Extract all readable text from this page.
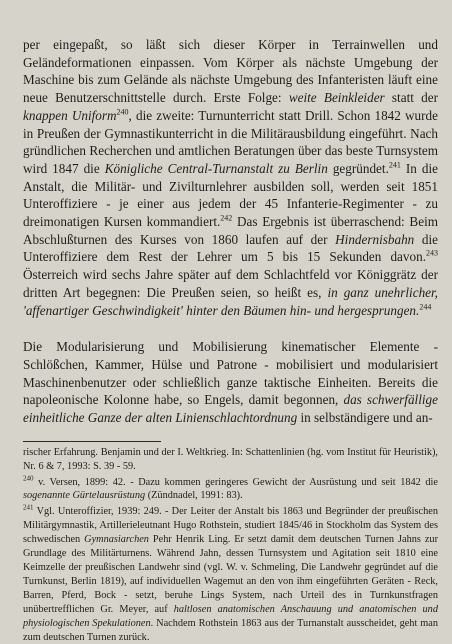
per eingepaßt, so läßt sich dieser Körper in Terrainwellen und Geländeformationen einpassen. Vom Körper als nächste Umgebung der Maschine bis zum Gelände als nächste Umgebung des Infanteristen läuft eine neue Benutzerschnittstelle durch. Erste Folge: weite Beinkleider statt der knappen Uniform$^{240}$, die zweite: Turnunterricht statt Drill. Schon 1842 wurde in Preußen der Gymnastikunterricht in die Militärausbildung eingeführt. Nach gründlichen Recherchen und amtlichen Beratungen über das beste Turnsystem wird 1847 die Königliche Central-Turnanstalt zu Berlin gegründet.$^{241}$ In die Anstalt, die Militär- und Zivilturnlehrer ausbilden soll, werden seit 1851 Unteroffiziere - je einer aus jedem der 45 Infanterie-Regimenter - zu dreimonatigen Kursen kommandiert.$^{242}$ Das Ergebnis ist überraschend: Beim Abschlußturnen des Kurses von 1860 laufen auf der Hindernisbahn die Unteroffiziere dem Rest der Lehrer um 5 bis 15 Sekunden davon.$^{243}$ Österreich wird sechs Jahre später auf dem Schlachtfeld vor Königgrätz der dritten Art begegnen: Die Preußen seien, so heißt es, in ganz unehrlicher, 'affenartiger Geschwindigkeit' hinter den Bäumen hin- und hergesprungen.$^{244}$

Die Modularisierung und Mobilisierung kinematischer Elemente - Schlößchen, Kammer, Hülse und Patrone - mobilisiert und modularisiert Maschinenbenutzer oder schließlich ganze taktische Einheiten. Bereits die napoleonische Kolonne habe, so Engels, damit begonnen, das schwerfällige einheitliche Ganze der alten Linienschlachtordnung in selbständigere und an-

rischer Erfahrung. Benjamin und der I. Weltkrieg. In: Schattenlinien (hg. vom Institut für Heuristik), Nr. 6 & 7, 1993: S. 39 - 59.

$^{240}$ v. Versen, 1899: 42. - Dazu kommen geringeres Gewicht der Ausrüstung und seit 1842 die sogenannte Gürtelausrüstung (Zündnadel, 1991: 83).

$^{241}$ Vgl. Unteroffizier, 1939: 249. - Der Leiter der Anstalt bis 1863 und Begründer der preußischen Militärgymnastik, Artillerieleutnant Hugo Rothstein, studiert 1845/46 in Stockholm das System des schwedischen Gymnasiarchen Pehr Henrik Ling. Er setzt damit dem deutschen Turnen Jahns zur Grundlage des Militärturnens. Während Jahn, dessen Turnsystem und Agitation seit 1810 eine Keimzelle der preußischen Landwehr sind (vgl. W. v. Schmeling, Die Landwehr gegründet auf die Turnkunst, Berlin 1819), auf individuellen Wagemut an den von ihm eingeführten Geräten - Reck, Barren, Pferd, Bock - setzt, beruhe Lings System, nach Urteil des in Turnkunstfragen unübertrefflichen Gr. Meyer, auf haltlosen anatomischen Anschauung und anatomischen und physiologischen Spekulationen. Nachdem Rothstein 1863 aus der Turnanstalt ausscheidet, geht man zum deutschen Turnen zurück.
